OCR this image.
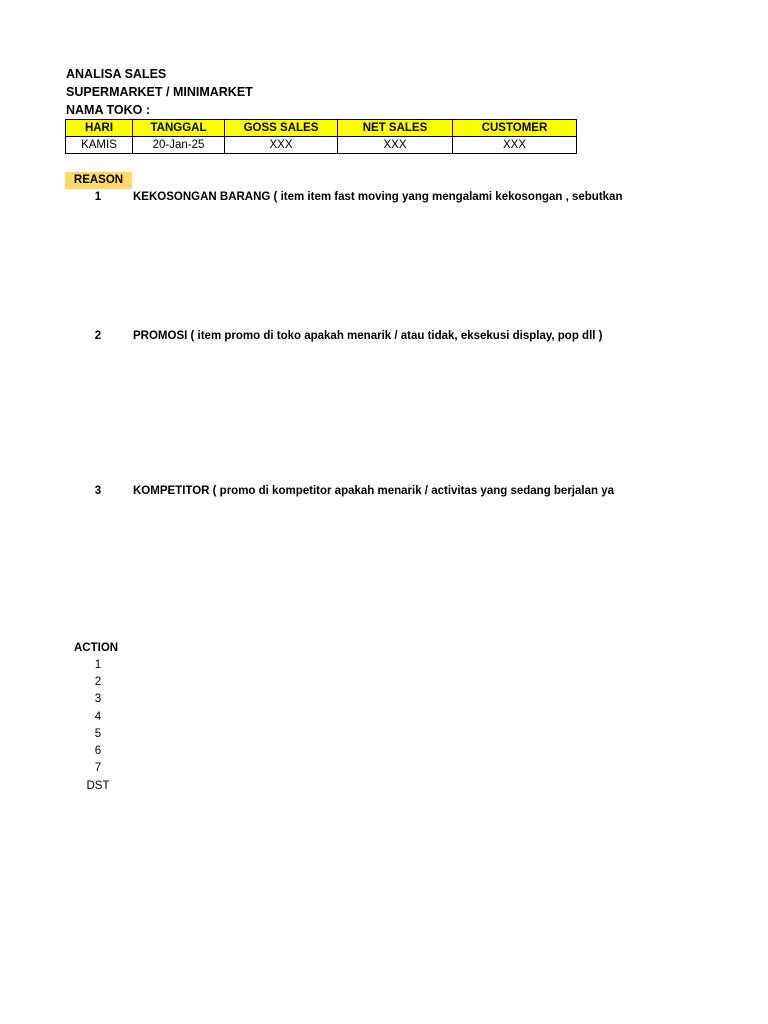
ANALISA SALES
SUPERMARKET / MINIMARKET
NAMA TOKO :
HARI	TANGGAL	GOSS SALES	NET SALES	CUSTOMER
KAMIS	20-Jan-25	XXX	XXX	XXX
REASON
1	KEKOSONGAN BARANG ( item item fast moving yang mengalami kekosongan , sebutkan
2	PROMOSI ( item promo di toko apakah menarik / atau tidak, eksekusi display, pop dll )
3	KOMPETITOR ( promo di kompetitor apakah menarik / activitas yang sedang berjalan ya
ACTION
1
2
3
4
5
6
7
DST
